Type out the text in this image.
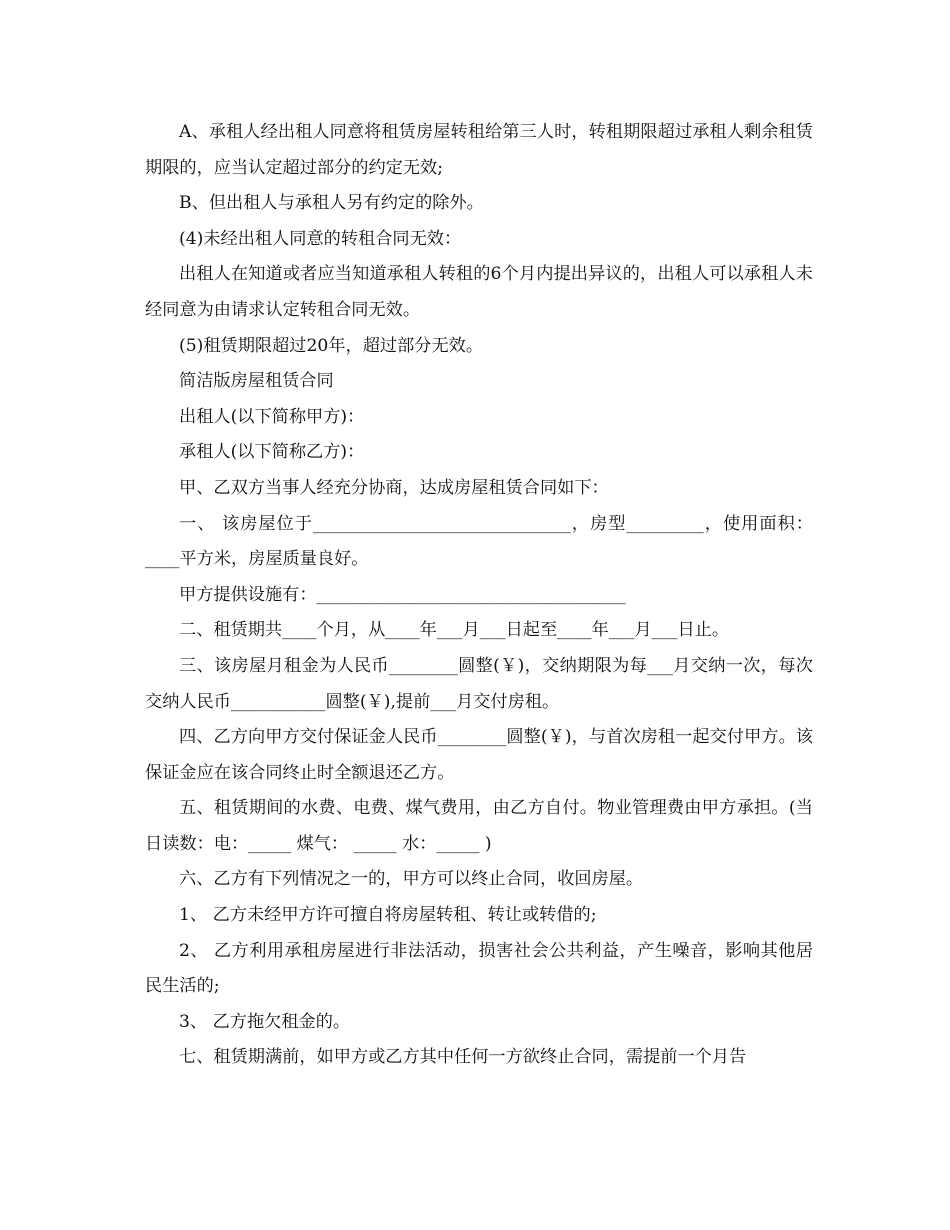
A、承租人经出租人同意将租赁房屋转租给第三人时，转租期限超过承租人剩余租赁期限的，应当认定超过部分的约定无效;

B、但出租人与承租人另有约定的除外。

(4)未经出租人同意的转租合同无效：

出租人在知道或者应当知道承租人转租的6个月内提出异议的，出租人可以承租人未经同意为由请求认定转租合同无效。

(5)租赁期限超过20年，超过部分无效。

简洁版房屋租赁合同

出租人(以下简称甲方)：

承租人(以下简称乙方)：

甲、乙双方当事人经充分协商，达成房屋租赁合同如下：

一、 该房屋位于______________________________，房型_________，使用面积：____平方米，房屋质量良好。

甲方提供设施有：____________________________________

二、租赁期共____个月，从____年___月___日起至____年___月___日止。

三、该房屋月租金为人民币________圆整(￥)，交纳期限为每___月交纳一次，每次交纳人民币___________圆整(￥),提前___月交付房租。

四、乙方向甲方交付保证金人民币________圆整(￥)，与首次房租一起交付甲方。该保证金应在该合同终止时全额退还乙方。

五、租赁期间的水费、电费、煤气费用，由乙方自付。物业管理费由甲方承担。(当日读数：电：_____ 煤气： _____ 水：_____ )

六、乙方有下列情况之一的，甲方可以终止合同，收回房屋。

1、 乙方未经甲方许可擅自将房屋转租、转让或转借的;

2、 乙方利用承租房屋进行非法活动，损害社会公共利益，产生噪音，影响其他居民生活的;

3、 乙方拖欠租金的。

七、租赁期满前，如甲方或乙方其中任何一方欲终止合同，需提前一个月告
